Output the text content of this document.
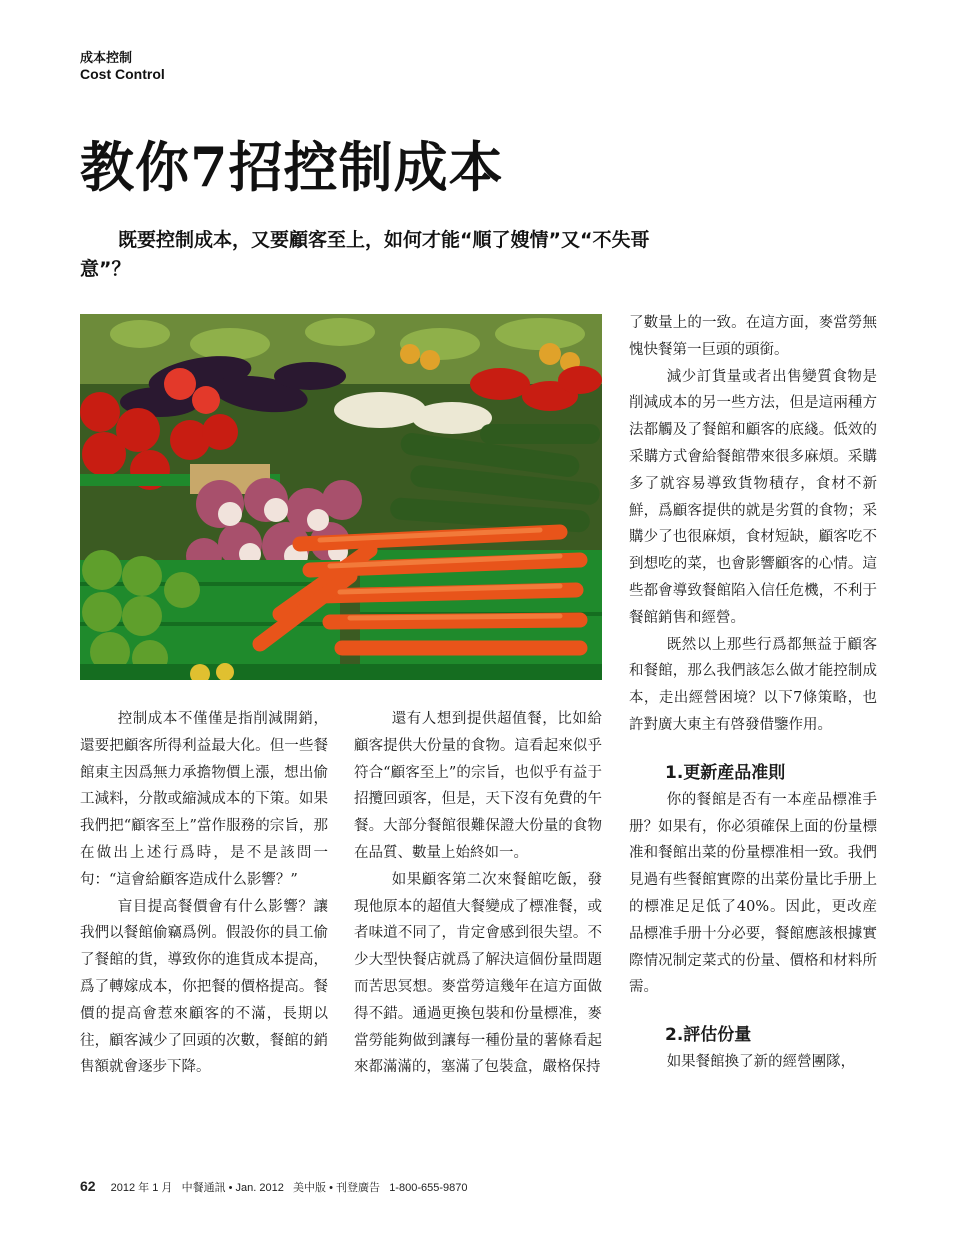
成本控制
Cost Control
教你7招控制成本

既要控制成本，又要顧客至上，如何才能“順了嫂情”又“不失哥意”？

控制成本不僅僅是指削減開銷，還要把顧客所得利益最大化。但一些餐館東主因爲無力承擔物價上漲，想出偷工減料，分散或縮減成本的下策。如果我們把“顧客至上”當作服務的宗旨，那在做出上述行爲時，是不是該問一句：“這會給顧客造成什么影響？”

盲目提高餐價會有什么影響？讓我們以餐館偷竊爲例。假設你的員工偷了餐館的貨，導致你的進貨成本提高，爲了轉嫁成本，你把餐的價格提高。餐價的提高會惹來顧客的不滿，長期以往，顧客減少了回頭的次數，餐館的銷售額就會逐步下降。

還有人想到提供超值餐，比如給顧客提供大份量的食物。這看起來似乎符合“顧客至上”的宗旨，也似乎有益于招攬回頭客，但是，天下沒有免費的午餐。大部分餐館很難保證大份量的食物在品質、數量上始終如一。

如果顧客第二次來餐館吃飯，發現他原本的超值大餐變成了標准餐，或者味道不同了，肯定會感到很失望。不少大型快餐店就爲了解決這個份量問題而苦思冥想。麥當勞這幾年在這方面做得不錯。通過更換包裝和份量標准，麥當勞能夠做到讓每一種份量的薯條看起來都滿滿的，塞滿了包裝盒，嚴格保持

了數量上的一致。在這方面，麥當勞無愧快餐第一巨頭的頭銜。

減少訂貨量或者出售變質食物是削減成本的另一些方法，但是這兩種方法都觸及了餐館和顧客的底綫。低效的采購方式會給餐館帶來很多麻煩。采購多了就容易導致貨物積存，食材不新鮮，爲顧客提供的就是劣質的食物；采購少了也很麻煩，食材短缺，顧客吃不到想吃的菜，也會影響顧客的心情。這些都會導致餐館陷入信任危機，不利于餐館銷售和經營。

既然以上那些行爲都無益于顧客和餐館，那么我們該怎么做才能控制成本，走出經營困境？以下7條策略，也許對廣大東主有啓發借鑒作用。

1.更新産品准則

你的餐館是否有一本産品標准手册？如果有，你必須確保上面的份量標准和餐館出菜的份量標准相一致。我們見過有些餐館實際的出菜份量比手册上的標准足足低了40%。因此，更改産品標准手册十分必要，餐館應該根據實際情况制定菜式的份量、價格和材料所需。

2.評估份量

如果餐館換了新的經營團隊，

62 2012 年 1 月 中餐通訊 • Jan. 2012 美中版 • 刊登廣告 1-800-655-9870
